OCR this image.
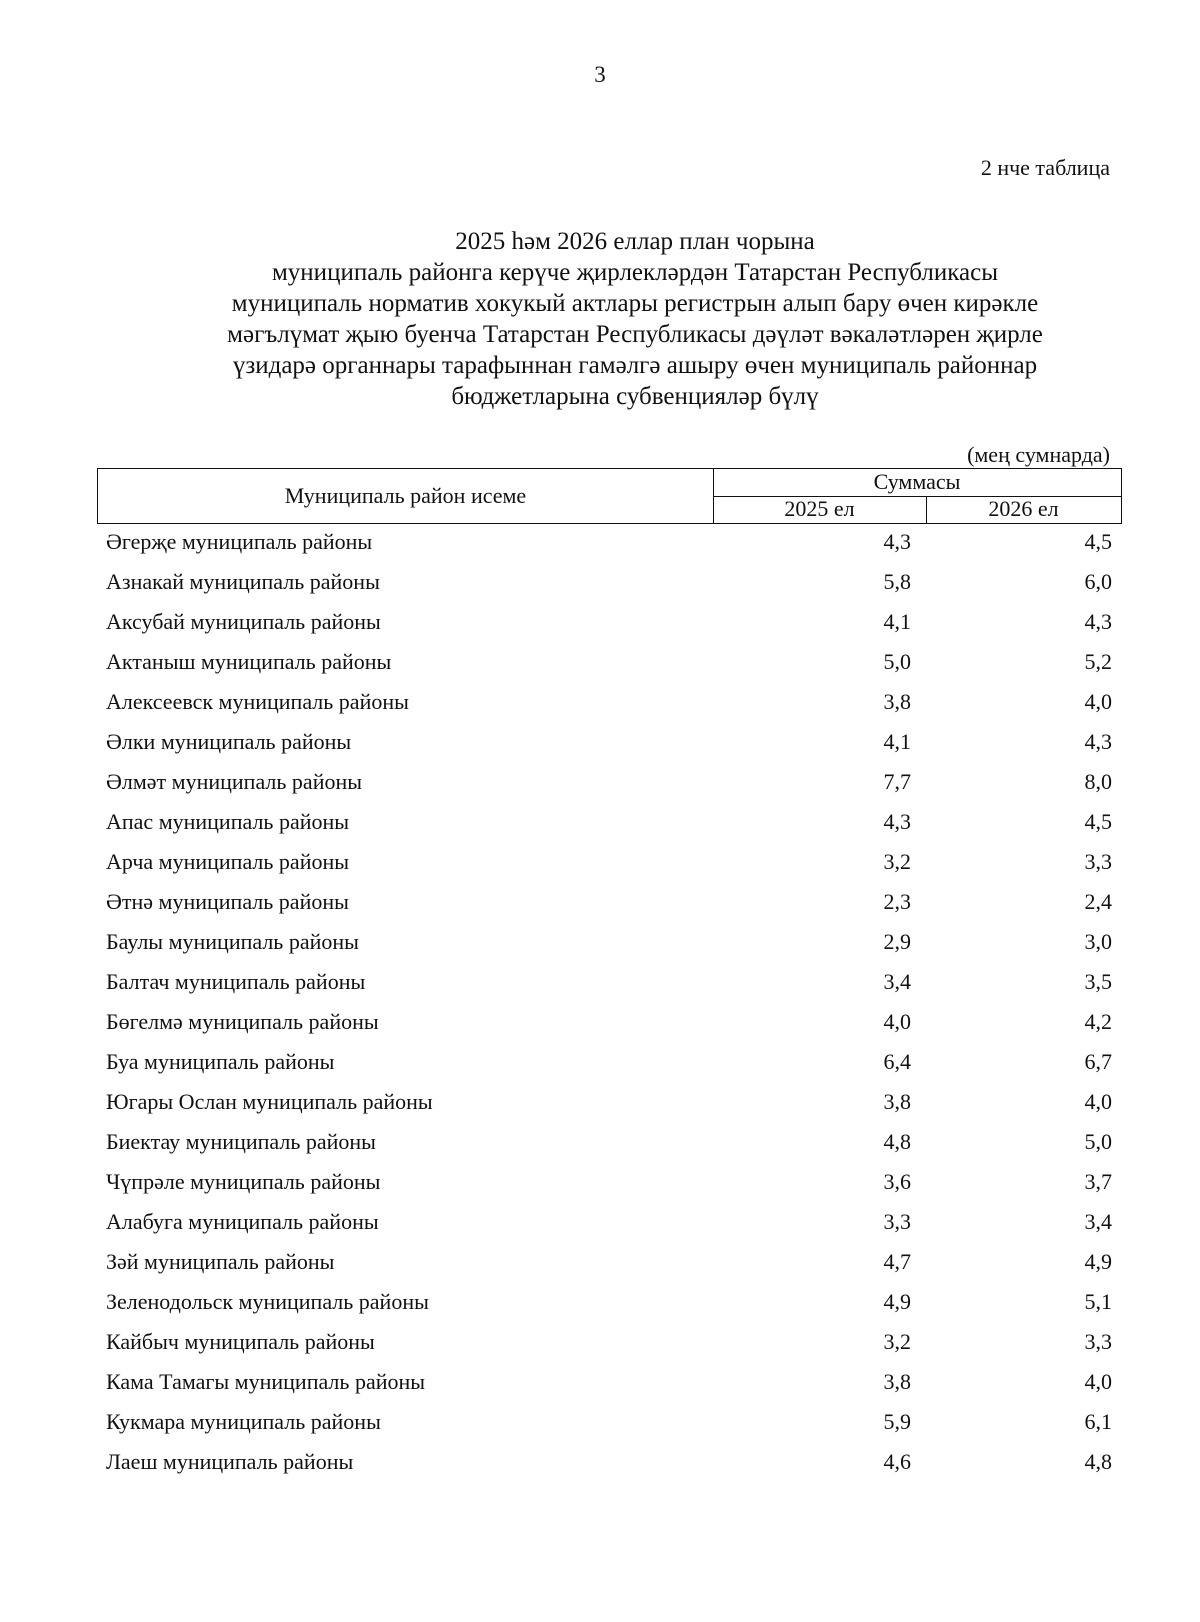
3
2 нче таблица
2025 һәм 2026 еллар план чорына
муниципаль районга керүче җирлекләрдән Татарстан Республикасы
муниципаль норматив хокукый актлары регистрын алып бару өчен кирәкле
мәгълүмат җыю буенча Татарстан Республикасы дәүләт вәкаләтләрен җирле
үзидарә органнары тарафыннан гамәлгә ашыру өчен муниципаль районнар
бюджетларына субвенцияләр бүлү
(мең сумнарда)
Муниципаль район исеме
Суммасы
2025 ел	2026 ел
Әгерҗе муниципаль районы	4,3	4,5
Азнакай муниципаль районы	5,8	6,0
Аксубай муниципаль районы	4,1	4,3
Актаныш муниципаль районы	5,0	5,2
Алексеевск муниципаль районы	3,8	4,0
Әлки муниципаль районы	4,1	4,3
Әлмәт муниципаль районы	7,7	8,0
Апас муниципаль районы	4,3	4,5
Арча муниципаль районы	3,2	3,3
Әтнә муниципаль районы	2,3	2,4
Баулы муниципаль районы	2,9	3,0
Балтач муниципаль районы	3,4	3,5
Бөгелмә муниципаль районы	4,0	4,2
Буа муниципаль районы	6,4	6,7
Югары Ослан муниципаль районы	3,8	4,0
Биектау муниципаль районы	4,8	5,0
Чүпрәле муниципаль районы	3,6	3,7
Алабуга муниципаль районы	3,3	3,4
Зәй муниципаль районы	4,7	4,9
Зеленодольск муниципаль районы	4,9	5,1
Кайбыч муниципаль районы	3,2	3,3
Кама Тамагы муниципаль районы	3,8	4,0
Кукмара муниципаль районы	5,9	6,1
Лаеш муниципаль районы	4,6	4,8
